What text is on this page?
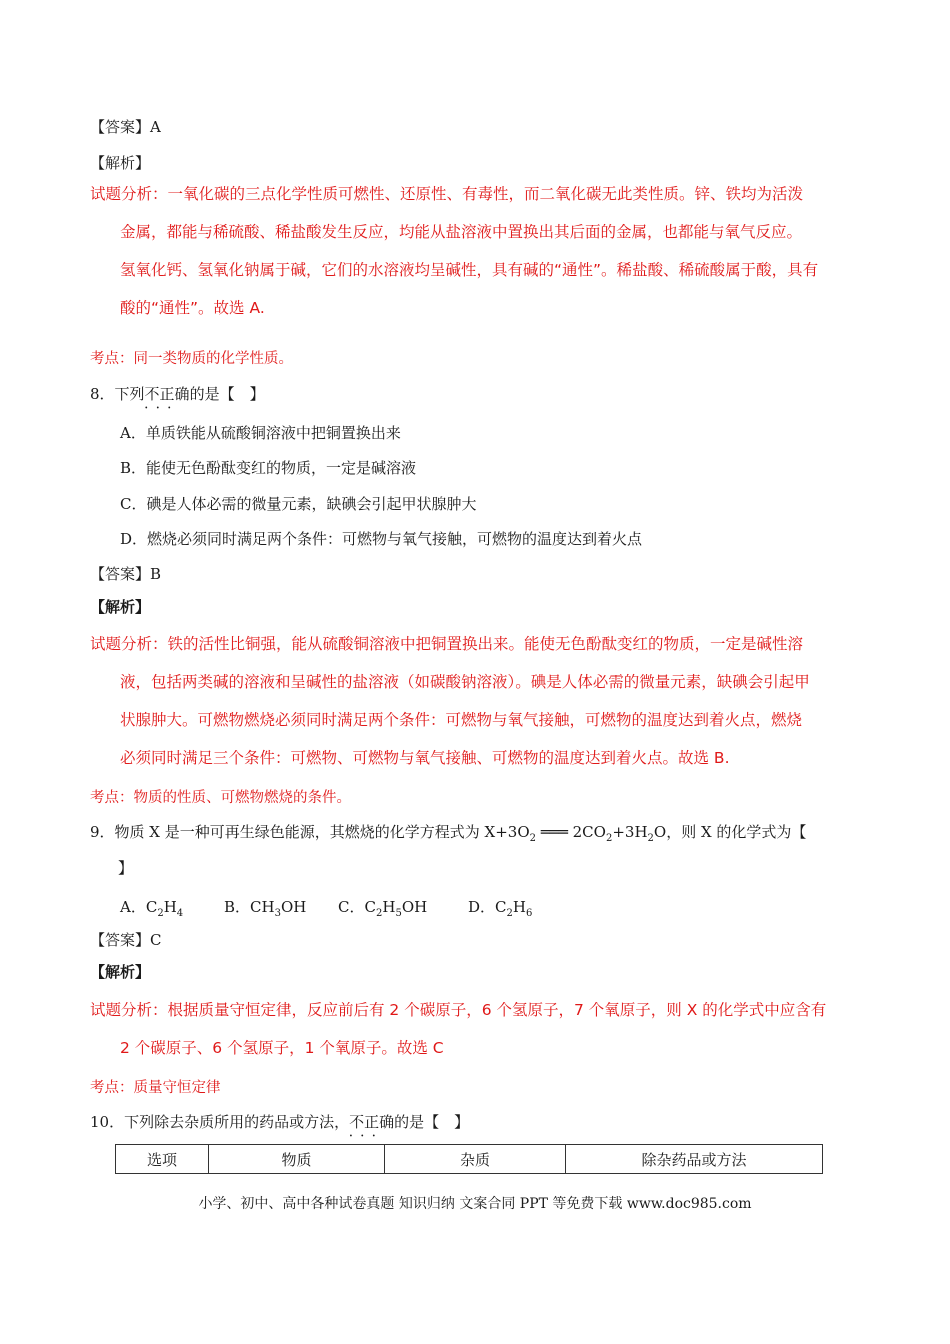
【答案】A
【解析】
试题分析：一氧化碳的三点化学性质可燃性、还原性、有毒性，而二氧化碳无此类性质。锌、铁均为活泼
金属，都能与稀硫酸、稀盐酸发生反应，均能从盐溶液中置换出其后面的金属，也都能与氧气反应。
氢氧化钙、氢氧化钠属于碱，它们的水溶液均呈碱性，具有碱的“通性”。稀盐酸、稀硫酸属于酸，具有
酸的“通性”。故选 A.
考点：同一类物质的化学性质。
8．下列不正确 • • •的是【　】
A．单质铁能从硫酸铜溶液中把铜置换出来
B．能使无色酚酞变红的物质，一定是碱溶液
C．碘是人体必需的微量元素，缺碘会引起甲状腺肿大
D．燃烧必须同时满足两个条件：可燃物与氧气接触，可燃物的温度达到着火点
【答案】B
【解析】
试题分析：铁的活性比铜强，能从硫酸铜溶液中把铜置换出来。能使无色酚酞变红的物质，一定是碱性溶
液，包括两类碱的溶液和呈碱性的盐溶液（如碳酸钠溶液）。碘是人体必需的微量元素，缺碘会引起甲
状腺肿大。可燃物燃烧必须同时满足两个条件：可燃物与氧气接触，可燃物的温度达到着火点，燃烧
必须同时满足三个条件：可燃物、可燃物与氧气接触、可燃物的温度达到着火点。故选 B.
考点：物质的性质、可燃物燃烧的条件。
9．物质 X 是一种可再生绿色能源，其燃烧的化学方程式为 $X+3O_2$ ═══ $2CO_2+3H_2O$，则 X 的化学式为【
】
A．$C_2H_4$	B．$CH_3OH$ C．$C_2H_5OH$	D．$C_2H_6$
【答案】C
【解析】
试题分析：根据质量守恒定律，反应前后有 2 个碳原子，6 个氢原子，7 个氧原子，则 X 的化学式中应含有
2 个碳原子、6 个氢原子，1 个氧原子。故选 C
考点：质量守恒定律
10．下列除去杂质所用的药品或方法，不正确 • • •的是【　】
选项	物质	杂质	除杂药品或方法
小学、初中、高中各种试卷真题 知识归纳 文案合同 PPT 等免费下载 www.doc985.com
